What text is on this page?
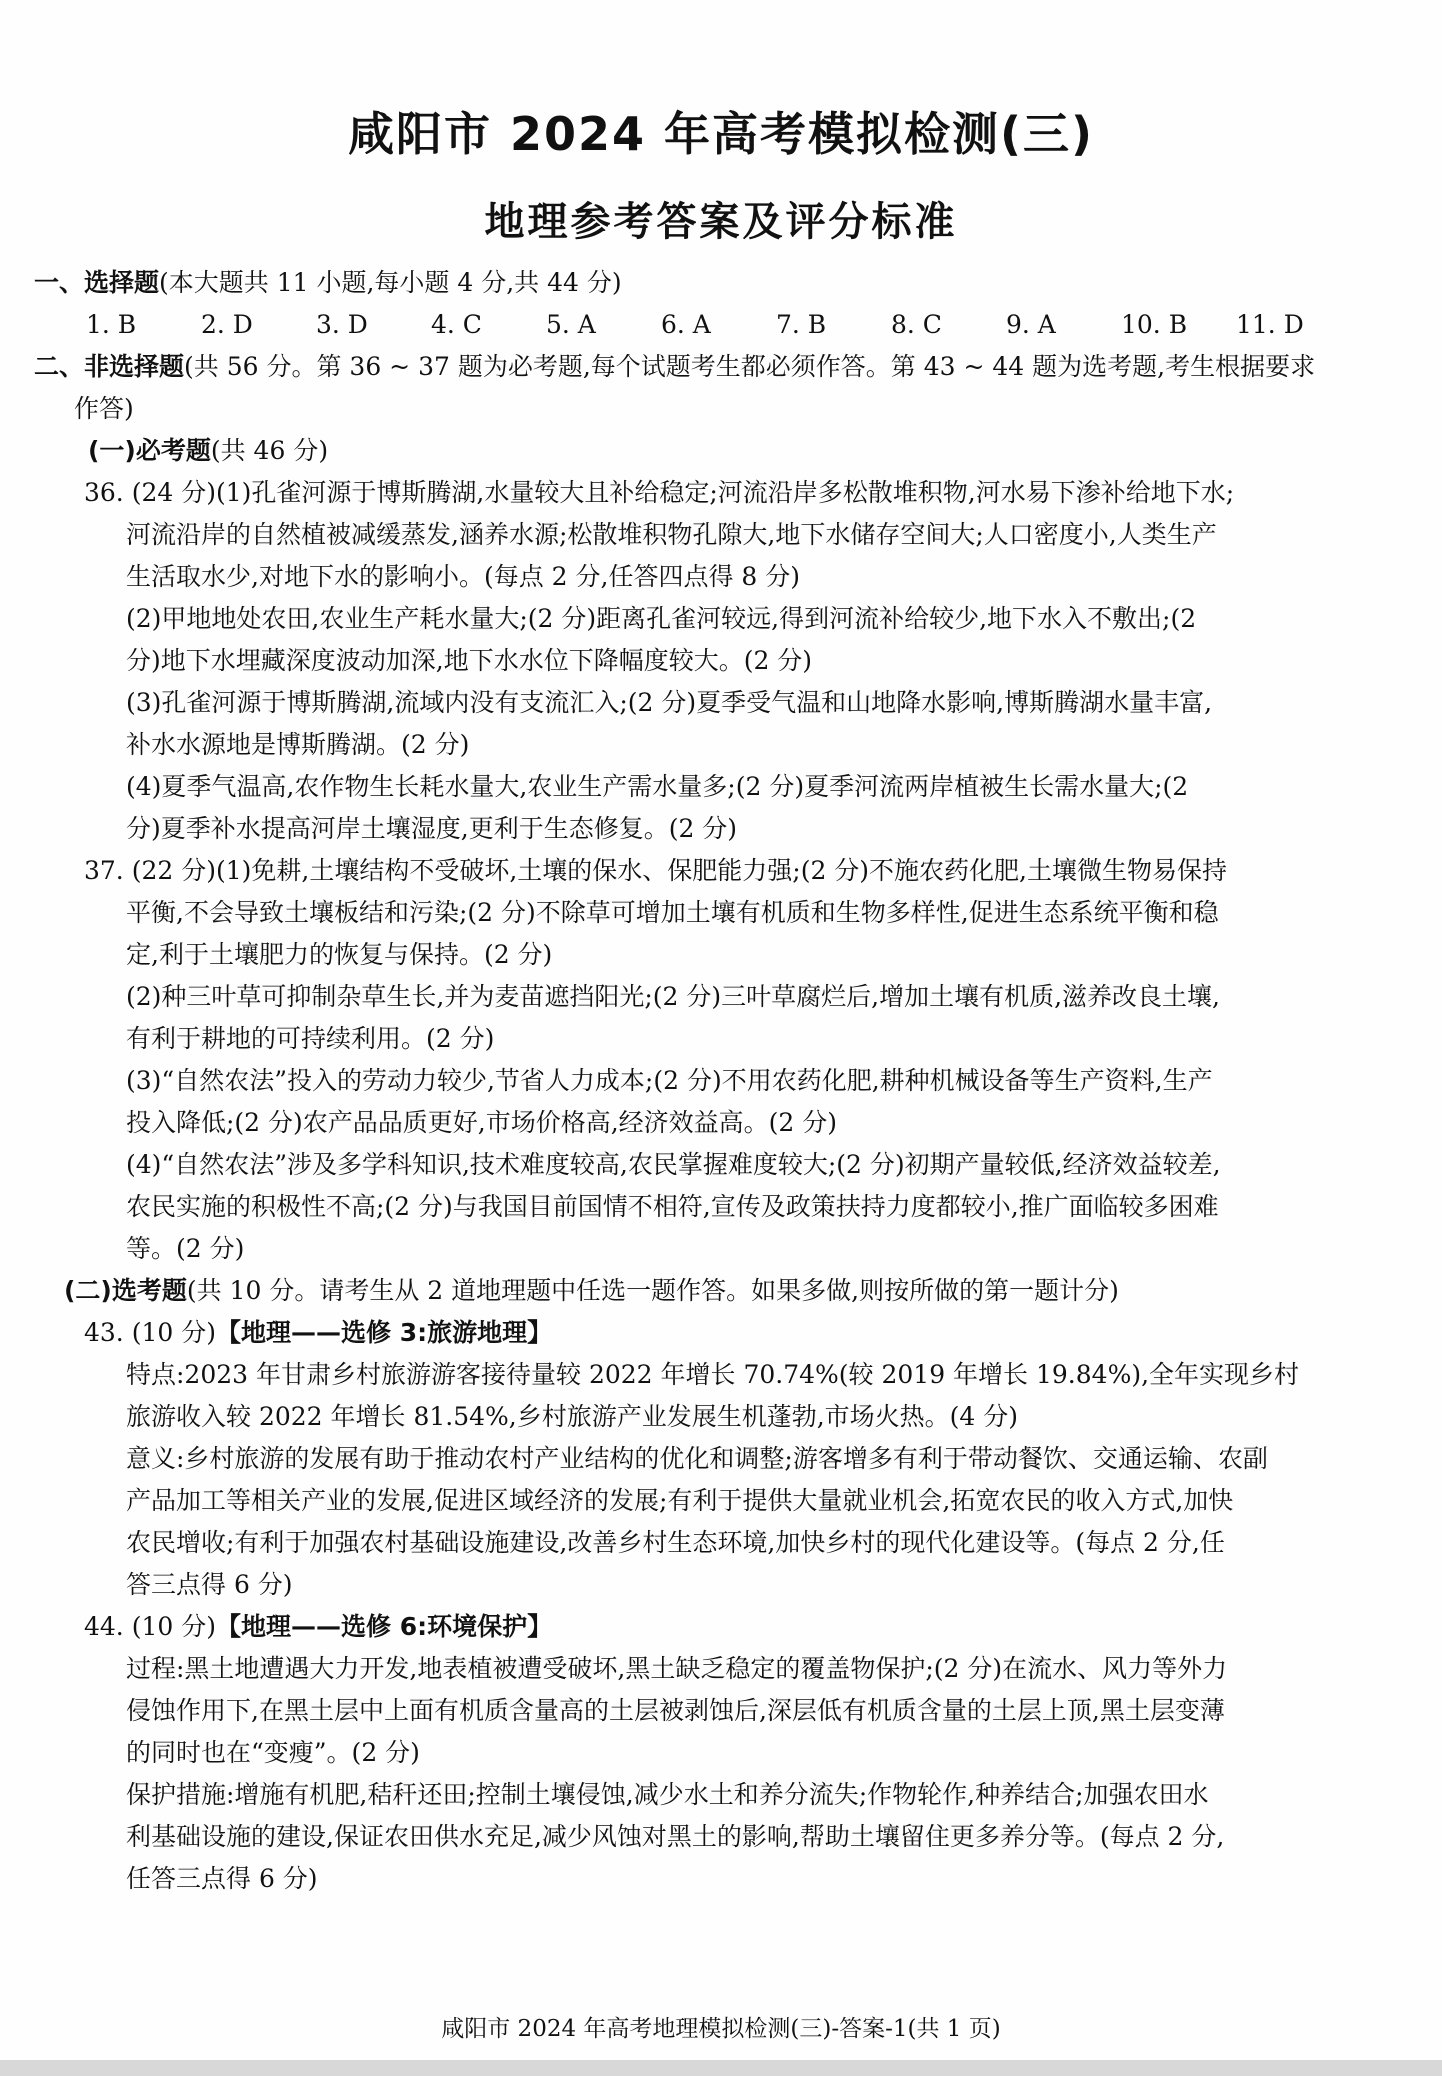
咸阳市 2024 年高考模拟检测(三)
地理参考答案及评分标准
一、选择题(本大题共 11 小题,每小题 4 分,共 44 分)
1. B	2. D	3. D	4. C	5. A	6. A	7. B	8. C	9. A	10. B	11. D
二、非选择题(共 56 分。第 36 ~ 37 题为必考题,每个试题考生都必须作答。第 43 ~ 44 题为选考题,考生根据要求
作答)
(一)必考题(共 46 分)
36. (24 分)(1)孔雀河源于博斯腾湖,水量较大且补给稳定;河流沿岸多松散堆积物,河水易下渗补给地下水;
河流沿岸的自然植被减缓蒸发,涵养水源;松散堆积物孔隙大,地下水储存空间大;人口密度小,人类生产
生活取水少,对地下水的影响小。(每点 2 分,任答四点得 8 分)
(2)甲地地处农田,农业生产耗水量大;(2 分)距离孔雀河较远,得到河流补给较少,地下水入不敷出;(2
分)地下水埋藏深度波动加深,地下水水位下降幅度较大。(2 分)
(3)孔雀河源于博斯腾湖,流域内没有支流汇入;(2 分)夏季受气温和山地降水影响,博斯腾湖水量丰富,
补水水源地是博斯腾湖。(2 分)
(4)夏季气温高,农作物生长耗水量大,农业生产需水量多;(2 分)夏季河流两岸植被生长需水量大;(2
分)夏季补水提高河岸土壤湿度,更利于生态修复。(2 分)
37. (22 分)(1)免耕,土壤结构不受破坏,土壤的保水、保肥能力强;(2 分)不施农药化肥,土壤微生物易保持
平衡,不会导致土壤板结和污染;(2 分)不除草可增加土壤有机质和生物多样性,促进生态系统平衡和稳
定,利于土壤肥力的恢复与保持。(2 分)
(2)种三叶草可抑制杂草生长,并为麦苗遮挡阳光;(2 分)三叶草腐烂后,增加土壤有机质,滋养改良土壤,
有利于耕地的可持续利用。(2 分)
(3)“自然农法”投入的劳动力较少,节省人力成本;(2 分)不用农药化肥,耕种机械设备等生产资料,生产
投入降低;(2 分)农产品品质更好,市场价格高,经济效益高。(2 分)
(4)“自然农法”涉及多学科知识,技术难度较高,农民掌握难度较大;(2 分)初期产量较低,经济效益较差,
农民实施的积极性不高;(2 分)与我国目前国情不相符,宣传及政策扶持力度都较小,推广面临较多困难
等。(2 分)
(二)选考题(共 10 分。请考生从 2 道地理题中任选一题作答。如果多做,则按所做的第一题计分)
43. (10 分)【地理——选修 3:旅游地理】
特点:2023 年甘肃乡村旅游游客接待量较 2022 年增长 70.74%(较 2019 年增长 19.84%),全年实现乡村
旅游收入较 2022 年增长 81.54%,乡村旅游产业发展生机蓬勃,市场火热。(4 分)
意义:乡村旅游的发展有助于推动农村产业结构的优化和调整;游客增多有利于带动餐饮、交通运输、农副
产品加工等相关产业的发展,促进区域经济的发展;有利于提供大量就业机会,拓宽农民的收入方式,加快
农民增收;有利于加强农村基础设施建设,改善乡村生态环境,加快乡村的现代化建设等。(每点 2 分,任
答三点得 6 分)
44. (10 分)【地理——选修 6:环境保护】
过程:黑土地遭遇大力开发,地表植被遭受破坏,黑土缺乏稳定的覆盖物保护;(2 分)在流水、风力等外力
侵蚀作用下,在黑土层中上面有机质含量高的土层被剥蚀后,深层低有机质含量的土层上顶,黑土层变薄
的同时也在“变瘦”。(2 分)
保护措施:增施有机肥,秸秆还田;控制土壤侵蚀,减少水土和养分流失;作物轮作,种养结合;加强农田水
利基础设施的建设,保证农田供水充足,减少风蚀对黑土的影响,帮助土壤留住更多养分等。(每点 2 分,
任答三点得 6 分)
咸阳市 2024 年高考地理模拟检测(三)-答案-1(共 1 页)
